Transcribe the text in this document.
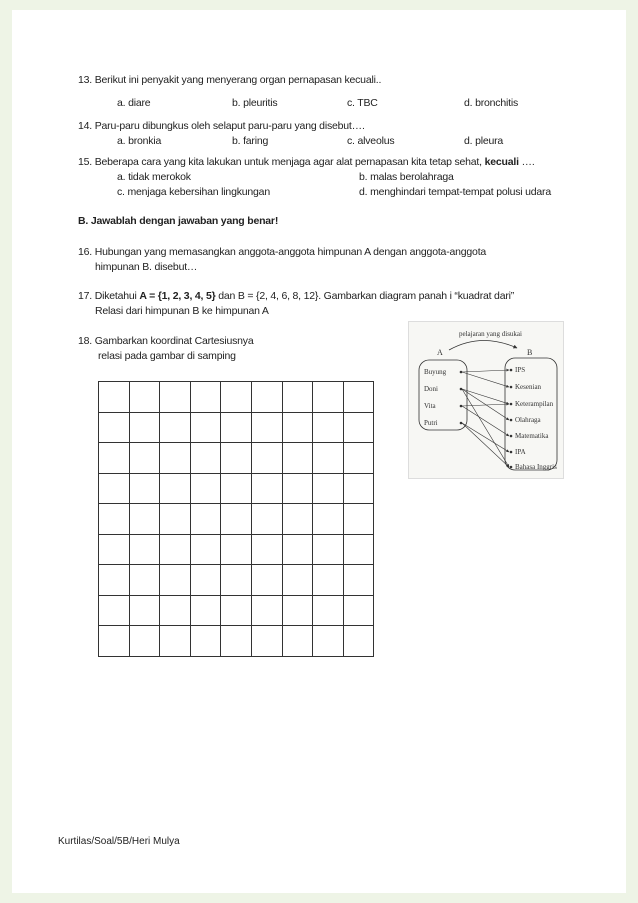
13. Berikut ini penyakit yang menyerang organ pernapasan kecuali..
a. diare	b. pleuritis	c. TBC	d. bronchitis
14. Paru-paru dibungkus oleh selaput paru-paru yang disebut….
a. bronkia	b. faring	c. alveolus	d. pleura
15. Beberapa cara yang kita lakukan untuk menjaga agar alat pernapasan kita tetap sehat, kecuali ….
a. tidak merokok	b. malas berolahraga
c. menjaga kebersihan lingkungan	d. menghindari tempat-tempat polusi udara
B. Jawablah dengan jawaban yang benar!
16. Hubungan yang memasangkan anggota-anggota himpunan A dengan anggota-anggota
himpunan B. disebut…
17. Diketahui A = {1, 2, 3, 4, 5} dan B = {2, 4, 6, 8, 12}. Gambarkan diagram panah i “kuadrat dari”
Relasi dari himpunan B ke himpunan A
18. Gambarkan koordinat Cartesiusnya
relasi pada gambar di samping

pelajaran yang disukai
A	B
Buyung
Doni
Vita
Putri
IPS
Kesenian
Keterampilan
Olahraga
Matematika
IPA
Bahasa Inggris
Kurtilas/Soal/5B/Heri Mulya
